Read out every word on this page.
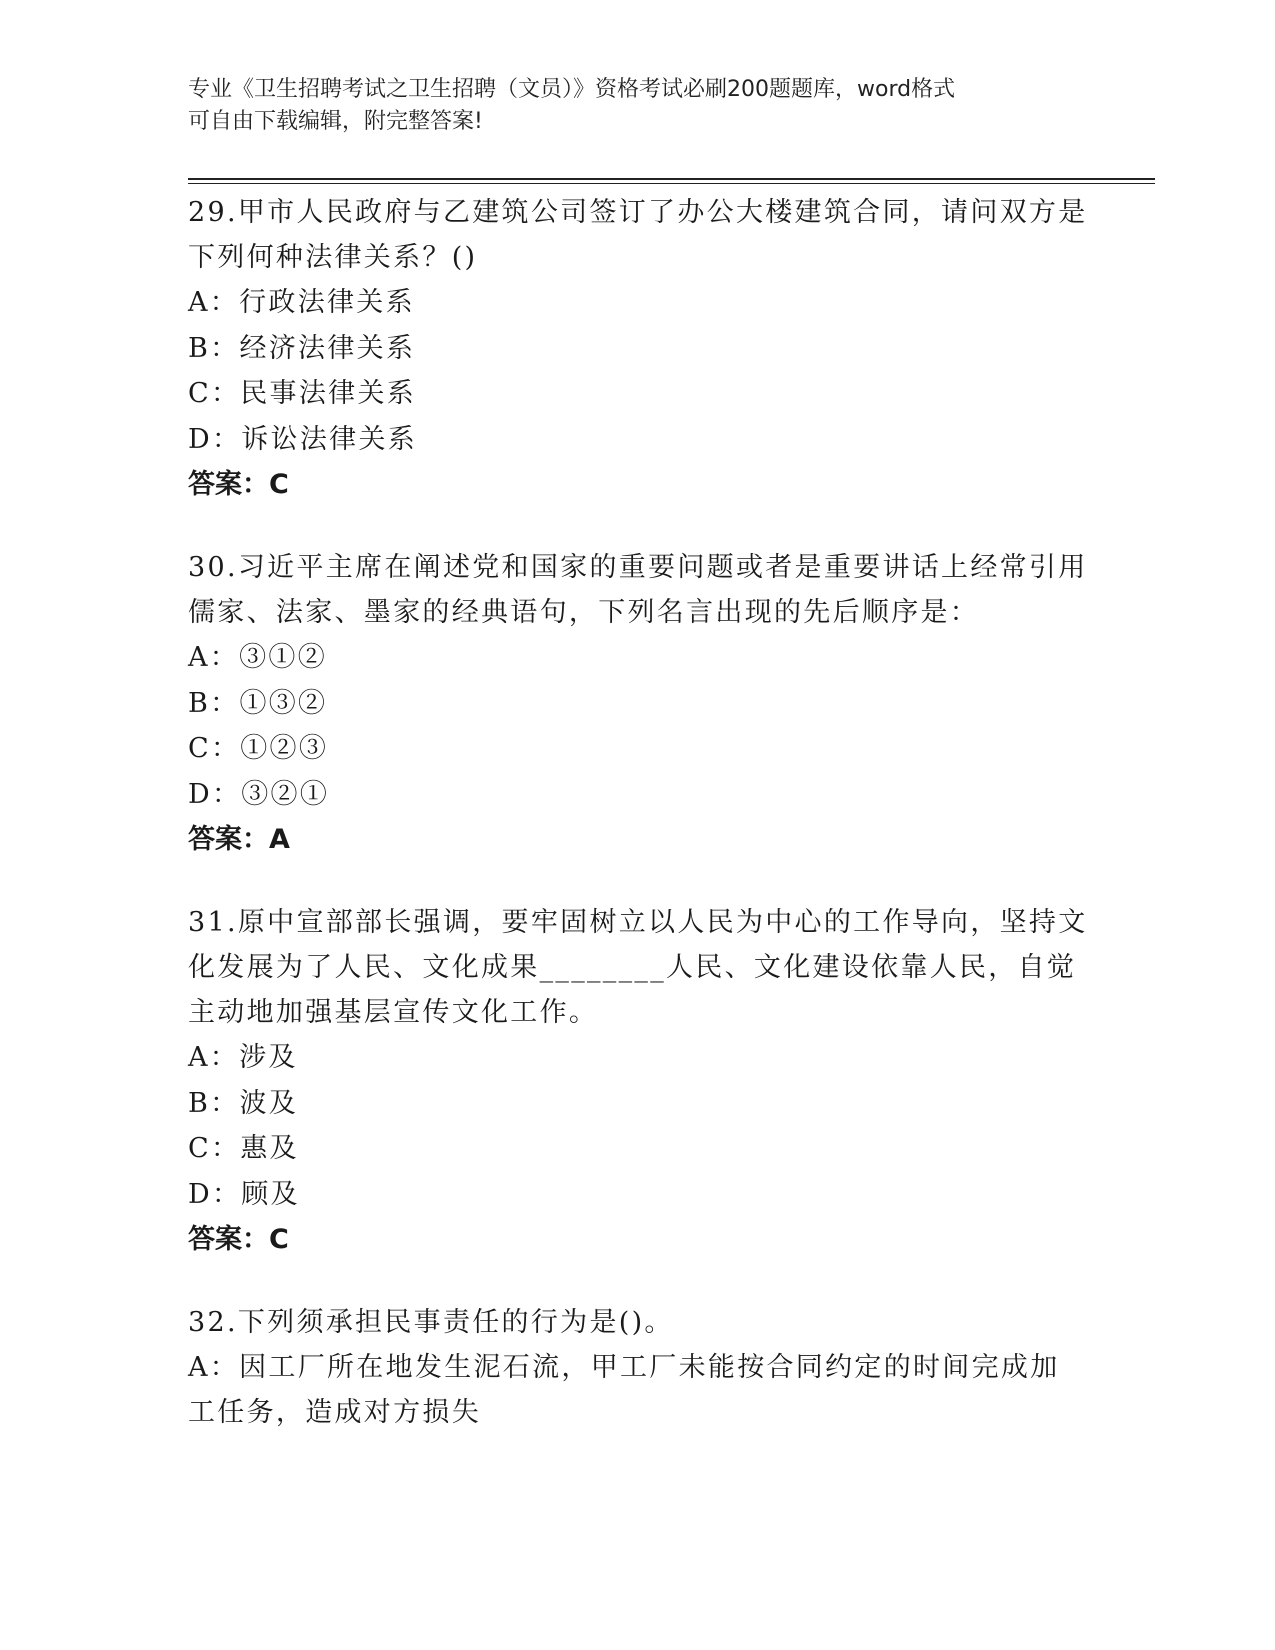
专业《卫生招聘考试之卫生招聘（文员）》资格考试必刷200题题库，word格式
可自由下载编辑，附完整答案!
29.甲市人民政府与乙建筑公司签订了办公大楼建筑合同，请问双方是下列何种法律关系？()
A：行政法律关系
B：经济法律关系
C：民事法律关系
D：诉讼法律关系
答案：C
30.习近平主席在阐述党和国家的重要问题或者是重要讲话上经常引用儒家、法家、墨家的经典语句，下列名言出现的先后顺序是：
A：③①②
B：①③②
C：①②③
D：③②①
答案：A
31.原中宣部部长强调，要牢固树立以人民为中心的工作导向，坚持文化发展为了人民、文化成果________人民、文化建设依靠人民，自觉主动地加强基层宣传文化工作。
A：涉及
B：波及
C：惠及
D：顾及
答案：C
32.下列须承担民事责任的行为是()。
A：因工厂所在地发生泥石流，甲工厂未能按合同约定的时间完成加工任务，造成对方损失
